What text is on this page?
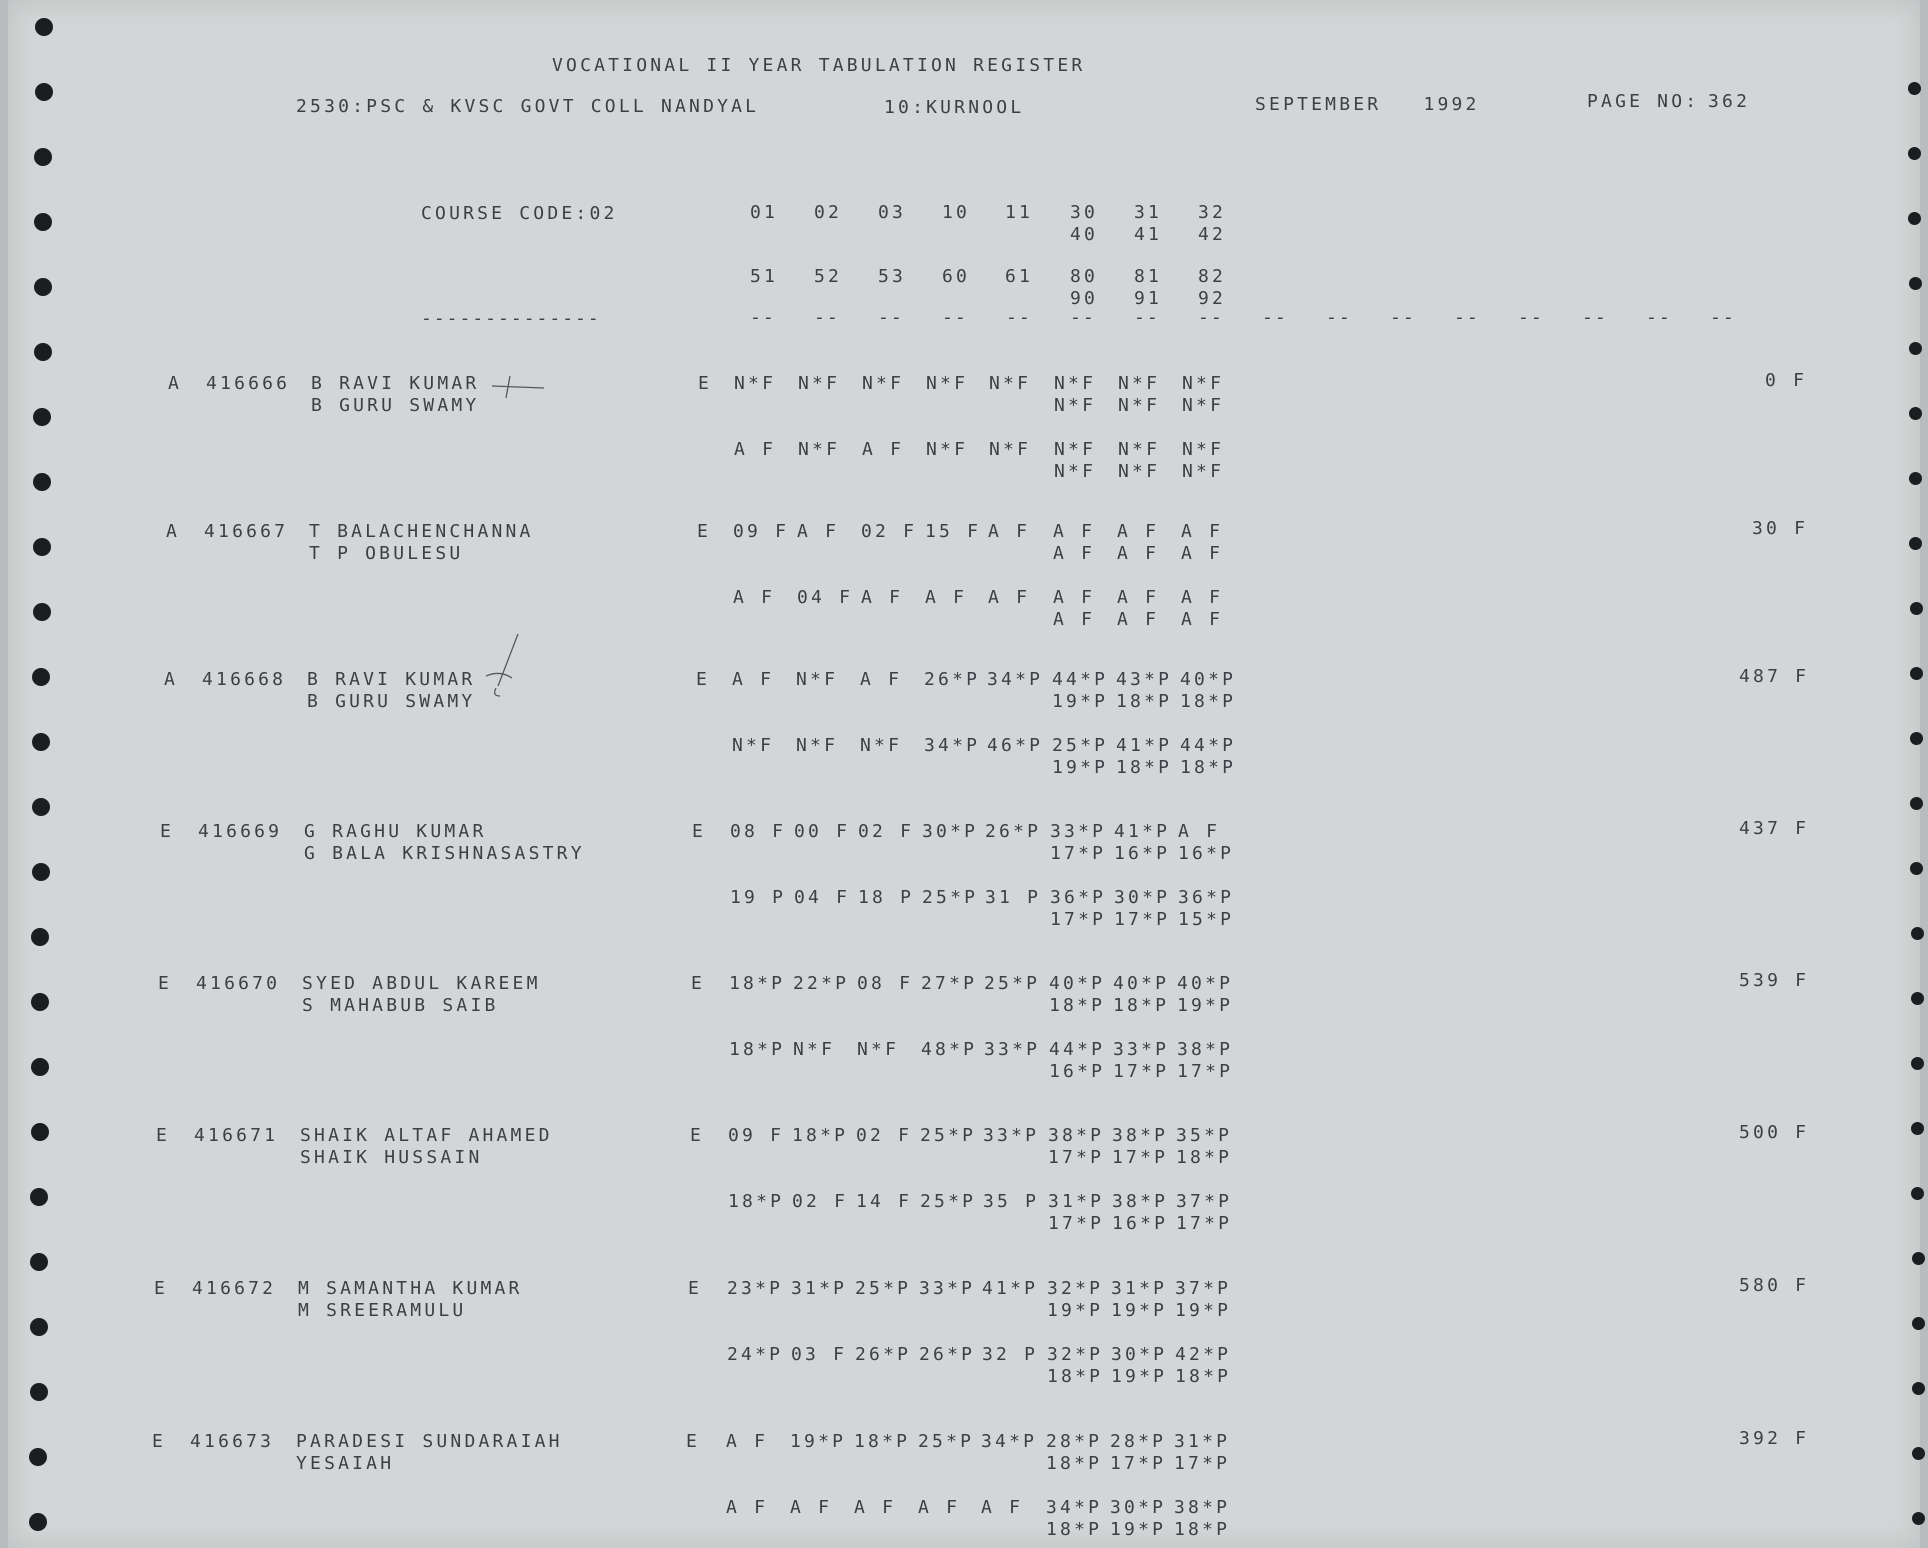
VOCATIONAL II YEAR TABULATION REGISTER
2530:PSC & KVSC GOVT COLL NANDYAL	10:KURNOOL	SEPTEMBER   1992	PAGE NO: 362
COURSE CODE:02
--------------
01 02 03 10 11 30 31 32
40 41 42
51 52 53 60 61 80 81 82
90 91 92
-- -- -- -- -- -- -- -- -- -- -- -- -- -- -- --
A 416666 B RAVI KUMAR
B GURU SWAMY
E N*F N*F N*F N*F N*F N*F N*F N*F
N*F N*F N*F
A F N*F A F N*F N*F N*F N*F N*F
N*F N*F N*F
0 F
A 416667 T BALACHENCHANNA
T P OBULESU
E 09 F A F 02 F 15 F A F A F A F A F
A F A F A F
A F 04 F A F A F A F A F A F A F
A F A F A F
30 F
A 416668 B RAVI KUMAR
B GURU SWAMY
E A F N*F A F 26*P 34*P 44*P 43*P 40*P
19*P 18*P 18*P
N*F N*F N*F 34*P 46*P 25*P 41*P 44*P
19*P 18*P 18*P
487 F
E 416669 G RAGHU KUMAR
G BALA KRISHNASASTRY
E 08 F 00 F 02 F 30*P 26*P 33*P 41*P A F
17*P 16*P 16*P
19 P 04 F 18 P 25*P 31 P 36*P 30*P 36*P
17*P 17*P 15*P
437 F
E 416670 SYED ABDUL KAREEM
S MAHABUB SAIB
E 18*P 22*P 08 F 27*P 25*P 40*P 40*P 40*P
18*P 18*P 19*P
18*P N*F N*F 48*P 33*P 44*P 33*P 38*P
16*P 17*P 17*P
539 F
E 416671 SHAIK ALTAF AHAMED
SHAIK HUSSAIN
E 09 F 18*P 02 F 25*P 33*P 38*P 38*P 35*P
17*P 17*P 18*P
18*P 02 F 14 F 25*P 35 P 31*P 38*P 37*P
17*P 16*P 17*P
500 F
E 416672 M SAMANTHA KUMAR
M SREERAMULU
E 23*P 31*P 25*P 33*P 41*P 32*P 31*P 37*P
19*P 19*P 19*P
24*P 03 F 26*P 26*P 32 P 32*P 30*P 42*P
18*P 19*P 18*P
580 F
E 416673 PARADESI SUNDARAIAH
YESAIAH
E A F 19*P 18*P 25*P 34*P 28*P 28*P 31*P
18*P 17*P 17*P
A F A F A F A F A F 34*P 30*P 38*P
18*P 19*P 18*P
392 F
